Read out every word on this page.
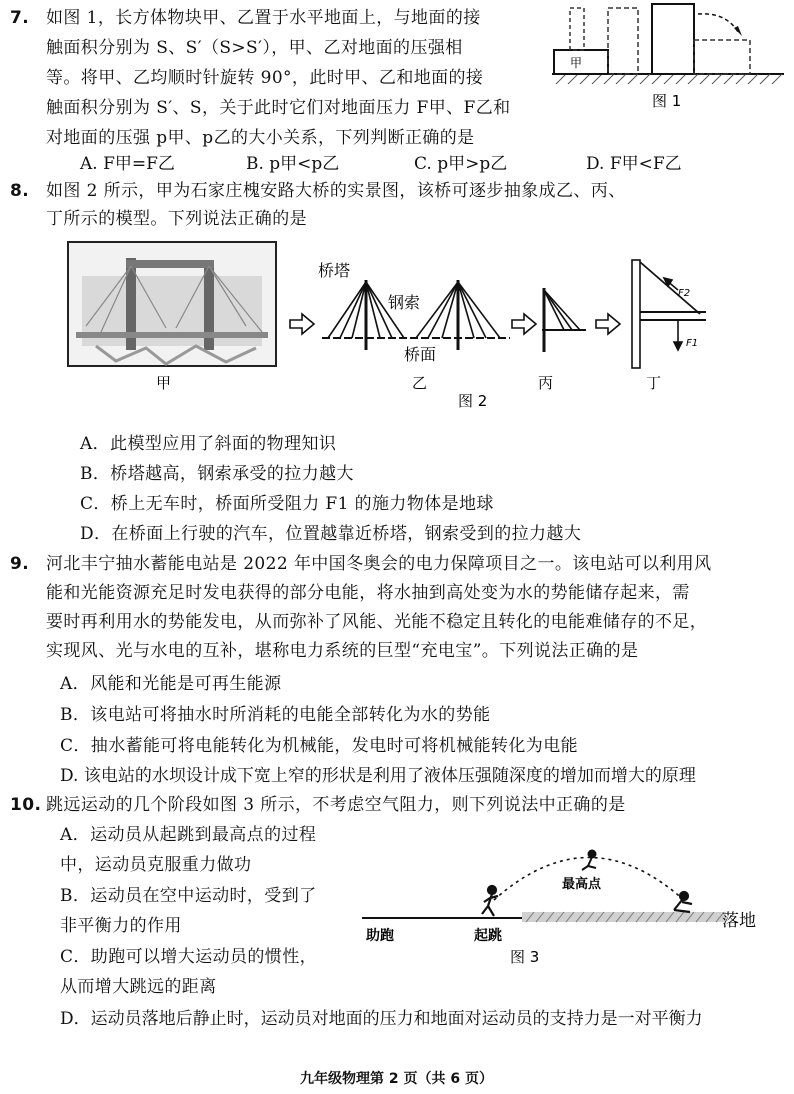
7. 如图 1，长方体物块甲、乙置于水平地面上，与地面的接
触面积分别为 S、S′（S>S′），甲、乙对地面的压强相
等。将甲、乙均顺时针旋转 90°，此时甲、乙和地面的接
触面积分别为 S′、S，关于此时它们对地面压力 F甲、F乙和
对地面的压强 p甲、p乙的大小关系，下列判断正确的是
A. F甲=F乙	B. p甲<p乙	C. p甲>p乙	D. F甲<F乙
甲
图 1
8. 如图 2 所示，甲为石家庄槐安路大桥的实景图，该桥可逐步抽象成乙、丙、
丁所示的模型。下列说法正确的是
甲
桥塔
钢索
桥面
乙	丙
F2
F1
丁
图 2
A．此模型应用了斜面的物理知识
B．桥塔越高，钢索承受的拉力越大
C．桥上无车时，桥面所受阻力 F1 的施力物体是地球
D．在桥面上行驶的汽车，位置越靠近桥塔，钢索受到的拉力越大
9. 河北丰宁抽水蓄能电站是 2022 年中国冬奥会的电力保障项目之一。该电站可以利用风
能和光能资源充足时发电获得的部分电能，将水抽到高处变为水的势能储存起来，需
要时再利用水的势能发电，从而弥补了风能、光能不稳定且转化的电能难储存的不足，
实现风、光与水电的互补，堪称电力系统的巨型“充电宝”。下列说法正确的是
A．风能和光能是可再生能源
B．该电站可将抽水时所消耗的电能全部转化为水的势能
C．抽水蓄能可将电能转化为机械能，发电时可将机械能转化为电能
D. 该电站的水坝设计成下宽上窄的形状是利用了液体压强随深度的增加而增大的原理
10. 跳远运动的几个阶段如图 3 所示，不考虑空气阻力，则下列说法中正确的是
A．运动员从起跳到最高点的过程
中，运动员克服重力做功
B．运动员在空中运动时，受到了
非平衡力的作用
C．助跑可以增大运动员的惯性，
从而增大跳远的距离
D．运动员落地后静止时，运动员对地面的压力和地面对运动员的支持力是一对平衡力
助跑	起跳
最高点
落地
图 3
九年级物理第 2 页（共 6 页）
